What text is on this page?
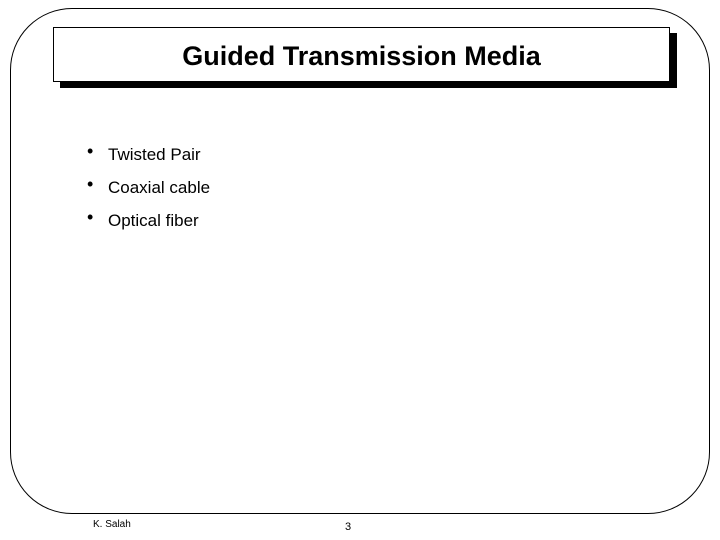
Guided Transmission Media
• Twisted Pair
• Coaxial cable
• Optical fiber
K. Salah	3
